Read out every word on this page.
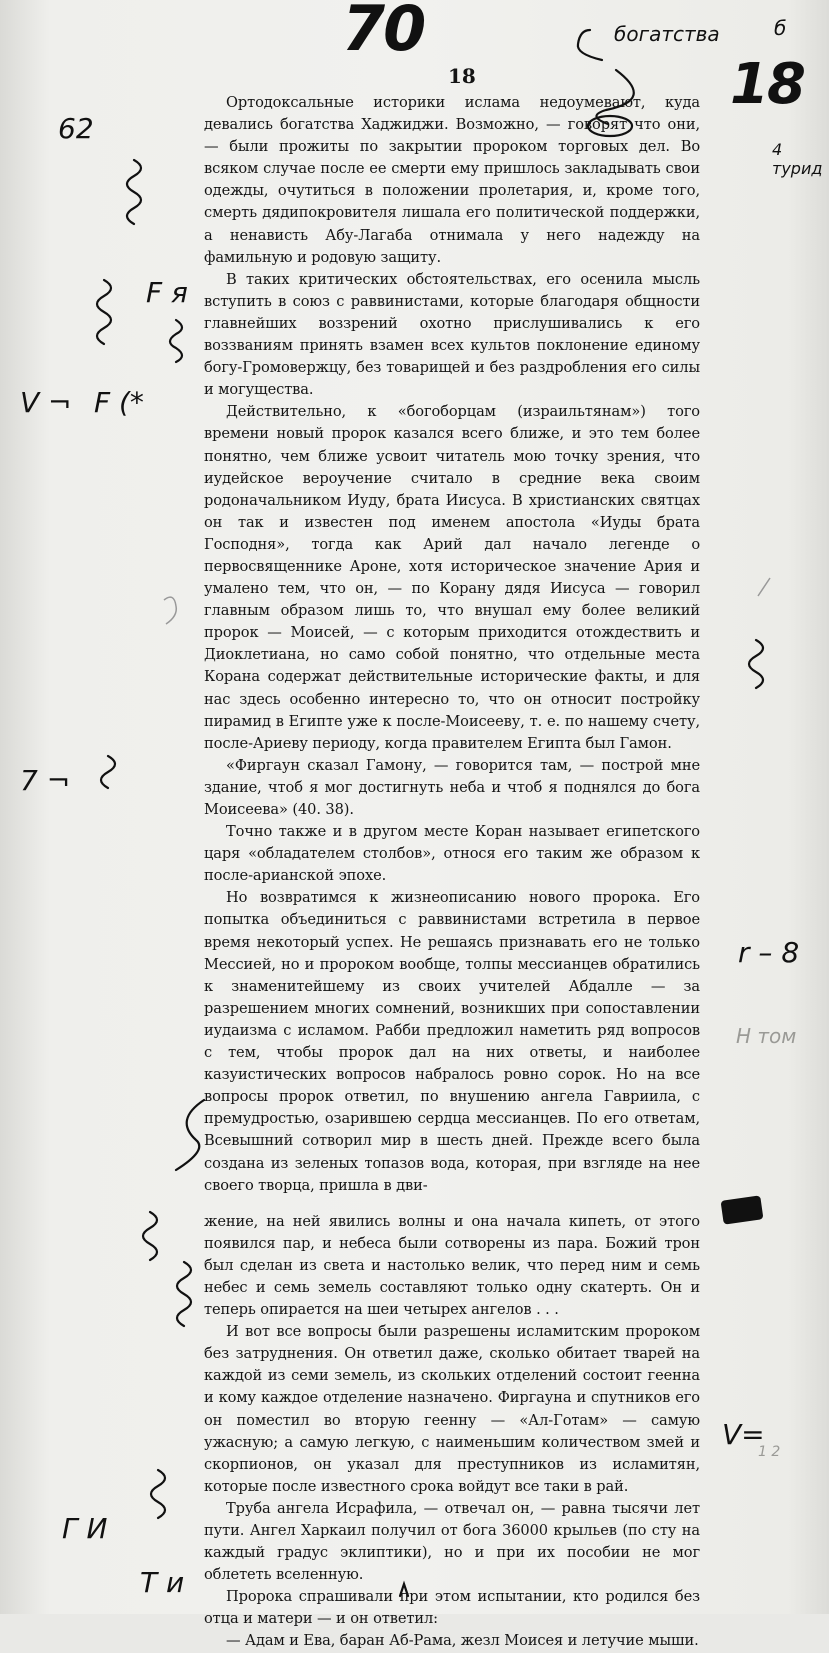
18
70	богатства	б
18
4 турид
62
F я
V ¬ F (*
7 ¬
r – 8
H том
V=
1 2
Г И
Т и

Ортодоксальные историки ислама недоумевают, куда девались богатства Хаджиджи. Возможно, — говорят что они, — были прожиты по закрытии пророком торговых дел. Во всяком случае после ее смерти ему пришлось закладывать свои одежды, очутиться в положении пролетария, и, кроме того, смерть дядипокровителя лишала его политической поддержки, а ненависть Абу-Лагаба отнимала у него надежду на фамильную и родовую защиту.

В таких критических обстоятельствах, его осенила мысль вступить в союз с раввинистами, которые благодаря общности главнейших воззрений охотно прислушивались к его воззваниям принять взамен всех культов поклонение единому богу-Громовержцу, без товарищей и без раздробления его силы и могущества.

Действительно, к «богоборцам (израильтянам») того времени новый пророк казался всего ближе, и это тем более понятно, чем ближе усвоит читатель мою точку зрения, что иудейское вероучение считало в средние века своим родоначальником Иуду, брата Иисуса. В христианских святцах он так и известен под именем апостола «Иуды брата Господня», тогда как Арий дал начало легенде о первосвященнике Ароне, хотя историческое значение Ария и умалено тем, что он, — по Корану дядя Иисуса — говорил главным образом лишь то, что внушал ему более великий пророк — Моисей, — с которым приходится отождествить и Диоклетиана, но само собой понятно, что отдельные места Корана содержат действительные исторические факты, и для нас здесь особенно интересно то, что он относит постройку пирамид в Египте уже к после-Моисееву, т. е. по нашему счету, после-Ариеву периоду, когда правителем Египта был Гамон.

«Фиргаун сказал Гамону, — говорится там, — построй мне здание, чтоб я мог достигнуть неба и чтоб я поднялся до бога Моисеева» (40. 38).

Точно также и в другом месте Коран называет египетского царя «обладателем столбов», относя его таким же образом к после-арианской эпохе.

Но возвратимся к жизнеописанию нового пророка. Его попытка объединиться с раввинистами встретила в первое время некоторый успех. Не решаясь признавать его не только Мессией, но и пророком вообще, толпы мессианцев обратились к знаменитейшему из своих учителей Абдалле — за разрешением многих сомнений, возникших при сопоставлении иудаизма с исламом. Рабби предложил наметить ряд вопросов с тем, чтобы пророк дал на них ответы, и наиболее казуистических вопросов набралось ровно сорок. Но на все вопросы пророк ответил, по внушению ангела Гавриила, с премудростью, озарившею сердца мессианцев. По его ответам, Всевышний сотворил мир в шесть дней. Прежде всего была создана из зеленых топазов вода, которая, при взгляде на нее своего творца, пришла в дви-

жение, на ней явились волны и она начала кипеть, от этого появился пар, и небеса были сотворены из пара. Божий трон был сделан из света и настолько велик, что перед ним и семь небес и семь земель составляют только одну скатерть. Он и теперь опирается на шеи четырех ангелов . . .

И вот все вопросы были разрешены исламитским пророком без затруднения. Он ответил даже, сколько обитает тварей на каждой из семи земель, из скольких отделений состоит геенна и кому каждое отделение назначено. Фиргауна и спутников его он поместил во вторую геенну — «Ал-Готам» — самую ужасную; а самую легкую, с наименьшим количеством змей и скорпионов, он указал для преступников из исламитян, которые после известного срока войдут все таки в рай.

Труба ангела Исрафила, — отвечал он, — равна тысячи лет пути. Ангел Харкаил получил от бога 36000 крыльев (по сту на каждый градус эклиптики), но и при их пособии не мог облететь вселенную.

Пророка спрашивали при этом испытании, кто родился без отца и матери — и он ответил:

— Адам и Ева, баран Аб-Рама, жезл Моисея и летучие мыши.
